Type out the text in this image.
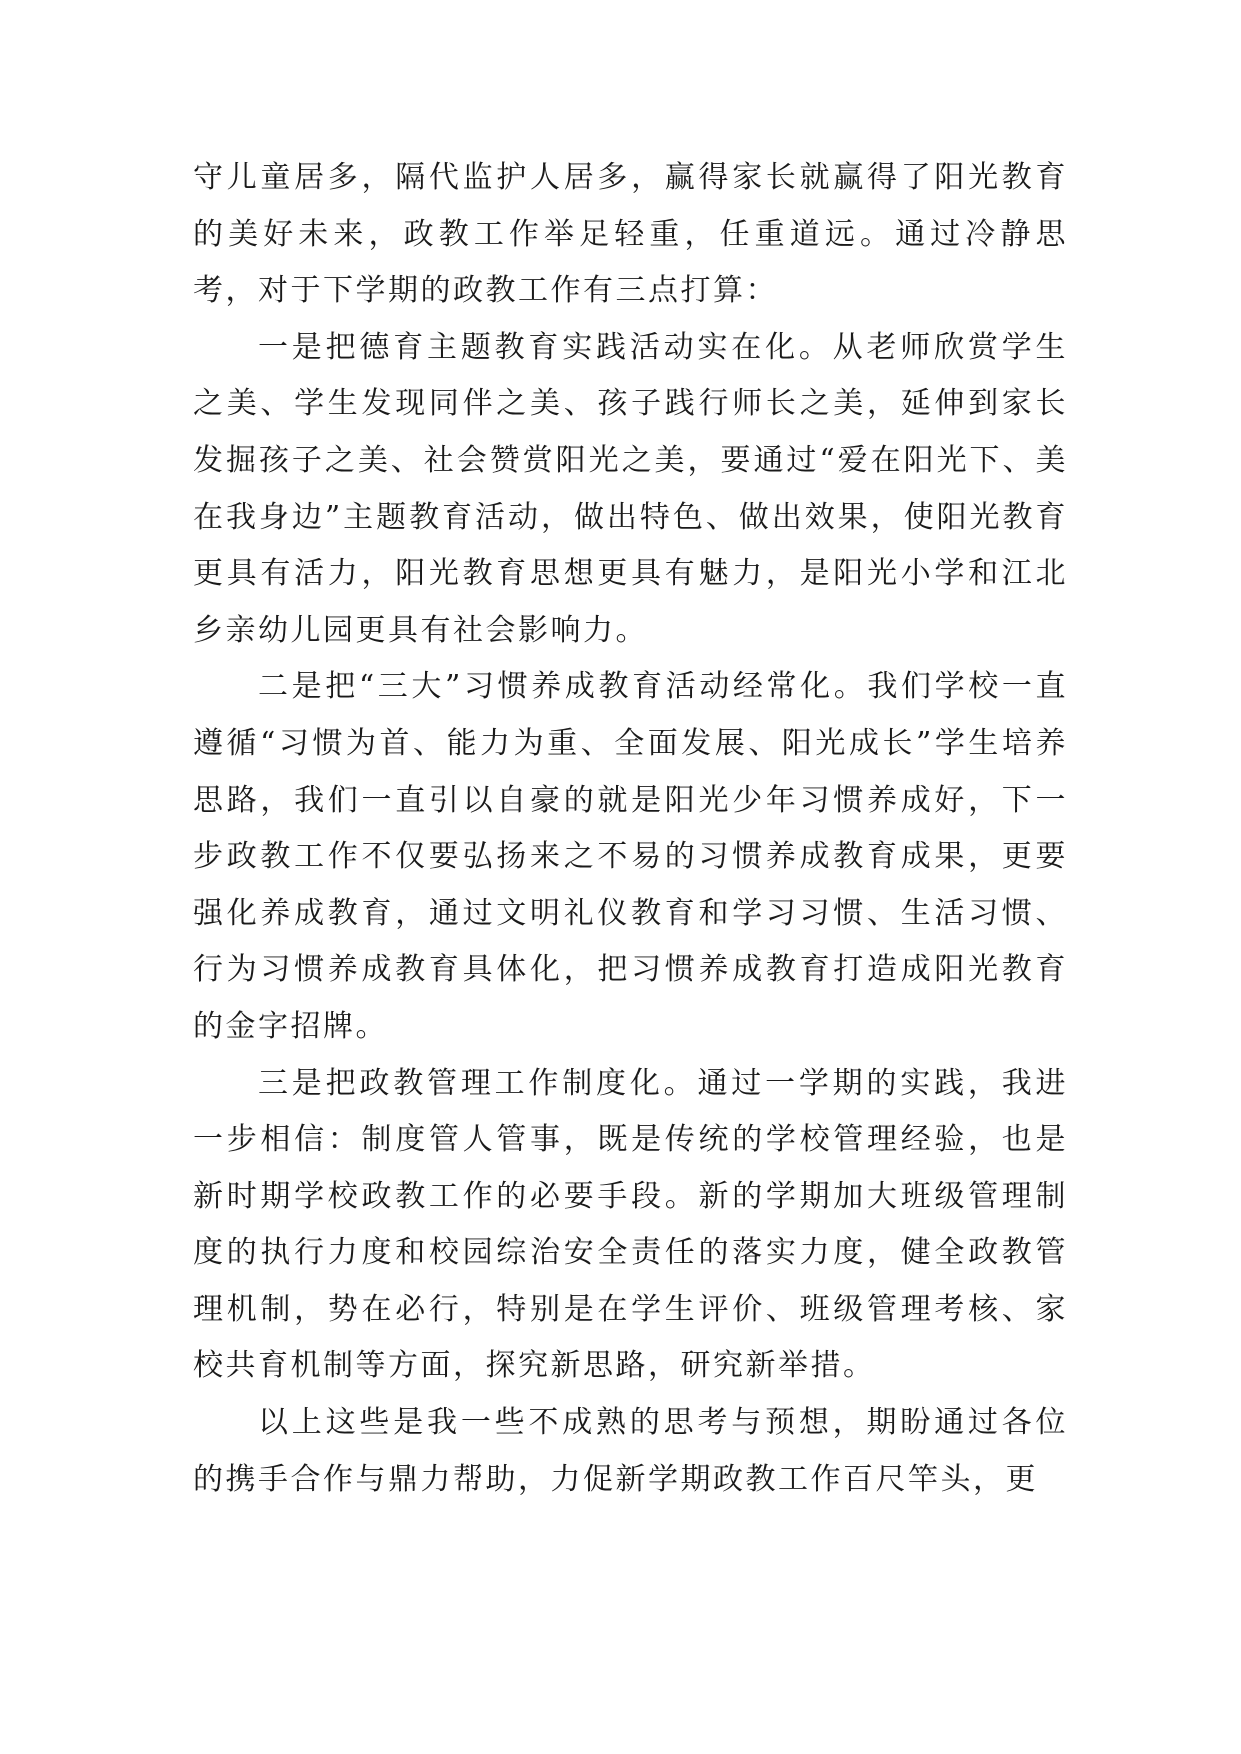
守儿童居多，隔代监护人居多，赢得家长就赢得了阳光教育的美好未来，政教工作举足轻重，任重道远。通过冷静思考，对于下学期的政教工作有三点打算：

一是把德育主题教育实践活动实在化。从老师欣赏学生之美、学生发现同伴之美、孩子践行师长之美，延伸到家长发掘孩子之美、社会赞赏阳光之美，要通过“爱在阳光下、美在我身边”主题教育活动，做出特色、做出效果，使阳光教育更具有活力，阳光教育思想更具有魅力，是阳光小学和江北乡亲幼儿园更具有社会影响力。

二是把“三大”习惯养成教育活动经常化。我们学校一直遵循“习惯为首、能力为重、全面发展、阳光成长”学生培养思路，我们一直引以自豪的就是阳光少年习惯养成好，下一步政教工作不仅要弘扬来之不易的习惯养成教育成果，更要强化养成教育，通过文明礼仪教育和学习习惯、生活习惯、行为习惯养成教育具体化，把习惯养成教育打造成阳光教育的金字招牌。

三是把政教管理工作制度化。通过一学期的实践，我进一步相信：制度管人管事，既是传统的学校管理经验，也是新时期学校政教工作的必要手段。新的学期加大班级管理制度的执行力度和校园综治安全责任的落实力度，健全政教管理机制，势在必行，特别是在学生评价、班级管理考核、家校共育机制等方面，探究新思路，研究新举措。

以上这些是我一些不成熟的思考与预想，期盼通过各位的携手合作与鼎力帮助，力促新学期政教工作百尺竿头，更
